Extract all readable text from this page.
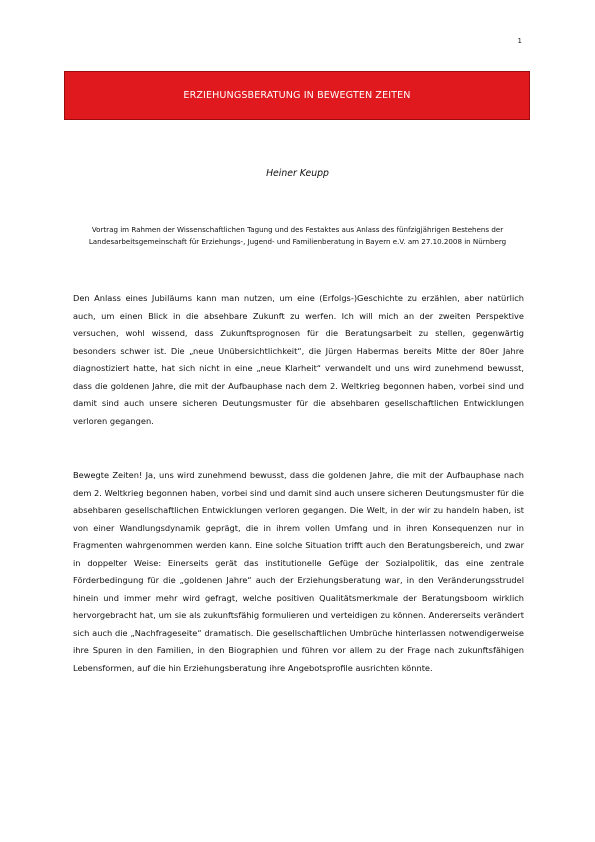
1
ERZIEHUNGSBERATUNG IN BEWEGTEN ZEITEN
Heiner Keupp
Vortrag im Rahmen der Wissenschaftlichen Tagung und des Festaktes aus Anlass des fünfzigjährigen Bestehens der Landesarbeitsgemeinschaft für Erziehungs-, Jugend- und Familienberatung in Bayern e.V. am 27.10.2008 in Nürnberg
Den Anlass eines Jubiläums kann man nutzen, um eine (Erfolgs-)Geschichte zu erzählen, aber natürlich auch, um einen Blick in die absehbare Zukunft zu werfen. Ich will mich an der zweiten Perspektive versuchen, wohl wissend, dass Zukunftsprognosen für die Beratungsarbeit zu stellen, gegenwärtig besonders schwer ist. Die „neue Unübersichtlichkeit“, die Jürgen Habermas bereits Mitte der 80er Jahre diagnostiziert hatte, hat sich nicht in eine „neue Klarheit“ verwandelt und uns wird zunehmend bewusst, dass die goldenen Jahre, die mit der Aufbauphase nach dem 2. Weltkrieg begonnen haben, vorbei sind und damit sind auch unsere sicheren Deutungsmuster für die absehbaren gesellschaftlichen Entwicklungen verloren gegangen.
Bewegte Zeiten! Ja, uns wird zunehmend bewusst, dass die goldenen Jahre, die mit der Aufbauphase nach dem 2. Weltkrieg begonnen haben, vorbei sind und damit sind auch unsere sicheren Deutungsmuster für die absehbaren gesellschaftlichen Entwicklungen verloren gegangen. Die Welt, in der wir zu handeln haben, ist von einer Wandlungsdynamik geprägt, die in ihrem vollen Umfang und in ihren Konsequenzen nur in Fragmenten wahrgenommen werden kann. Eine solche Situation trifft auch den Beratungsbereich, und zwar in doppelter Weise: Einerseits gerät das institutionelle Gefüge der Sozialpolitik, das eine zentrale Förderbedingung für die „goldenen Jahre“ auch der Erziehungsberatung war, in den Veränderungsstrudel hinein und immer mehr wird gefragt, welche positiven Qualitätsmerkmale der Beratungsboom wirklich hervorgebracht hat, um sie als zukunftsfähig formulieren und verteidigen zu können. Andererseits verändert sich auch die „Nachfrageseite“ dramatisch. Die gesellschaftlichen Umbrüche hinterlassen notwendigerweise ihre Spuren in den Familien, in den Biographien und führen vor allem zu der Frage nach zukunftsfähigen Lebensformen, auf die hin Erziehungsberatung ihre Angebotsprofile ausrichten könnte.
